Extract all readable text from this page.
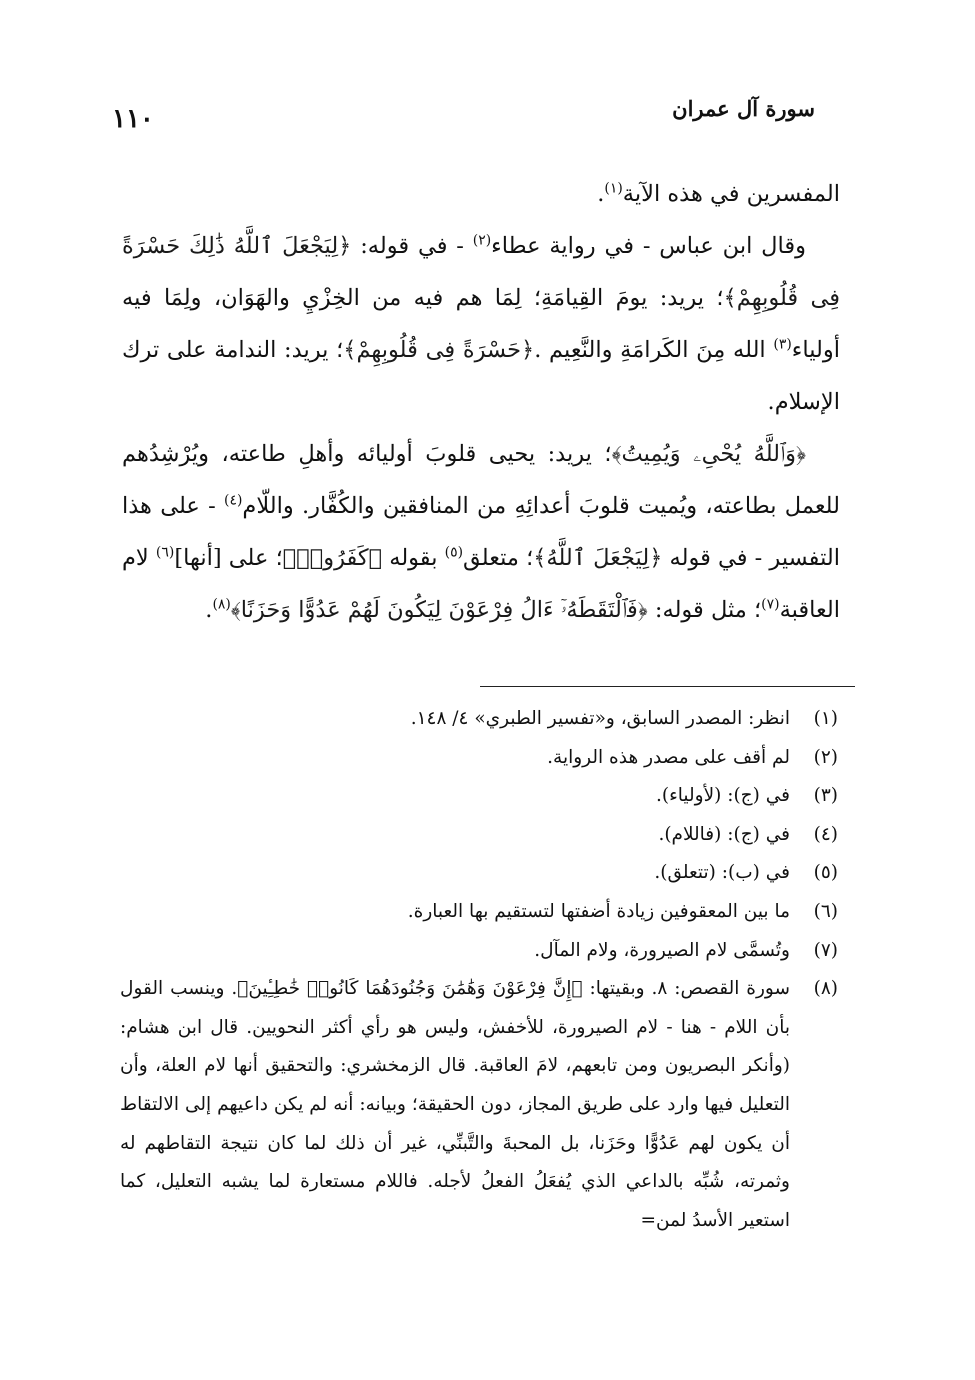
١١٠	سورة آل عمران

المفسرين في هذه الآية$^{(١)}$.

وقال ابن عباس - في رواية عطاء$^{(٢)}$ - في قوله: ﴿لِيَجْعَلَ ٱللَّهُ ذَٰلِكَ حَسْرَةً فِى قُلُوبِهِمْ﴾؛ يريد: يومَ القِيامَةِ؛ لِمَا هم فيه من الخِزْيِ والهَوَان، ولِمَا فيه أولياء$^{(٣)}$ الله مِنَ الكَرامَةِ والنَّعِيم .﴿حَسْرَةً فِى قُلُوبِهِمْ﴾؛ يريد: الندامة على ترك الإسلام.

﴿وَٱللَّهُ يُحْىِۦ وَيُمِيتُ﴾؛ يريد: يحيى قلوبَ أوليائه وأهلِ طاعته، ويُرْشِدُهم للعمل بطاعته، ويُميت قلوبَ أعدائِهِ من المنافقين والكُفَّار. واللّام$^{(٤)}$ - على هذا التفسير - في قوله ﴿لِيَجْعَلَ ٱللَّهُ﴾؛ متعلق$^{(٥)}$ بقوله ﴿كَفَرُوا۟﴾؛ على [أنها]$^{(٦)}$ لام العاقبة$^{(٧)}$؛ مثل قوله: ﴿فَٱلْتَقَطَهُۥٓ ءَالُ فِرْعَوْنَ لِيَكُونَ لَهُمْ عَدُوًّا وَحَزَنًا﴾$^{(٨)}$.

(١)
انظر: المصدر السابق، و«تفسير الطبري» ٤/ ١٤٨.
(٢)
لم أقف على مصدر هذه الرواية.
(٣)
في (ج): (لأولياء).
(٤)
في (ج): (فاللام).
(٥)
في (ب): (تتعلق).
(٦)
ما بين المعقوفين زيادة أضفتها لتستقيم بها العبارة.
(٧)
وتُسمَّى لام الصيرورة، ولام المآل.
(٨)
سورة القصص: ٨. وبقيتها: ﴿إِنَّ فِرْعَوْنَ وَهَٰمَٰنَ وَجُنُودَهُمَا كَانُوا۟ خَٰطِـِٔينَ﴾. وينسب القول بأن اللام - هنا - لام الصيرورة، للأخفش، وليس هو رأي أكثر النحويين. قال ابن هشام: (وأنكر البصريون ومن تابعهم، لامَ العاقبة. قال الزمخشري: والتحقيق أنها لام العلة، وأن التعليل فيها وارد على طريق المجاز، دون الحقيقة؛ وبيانه: أنه لم يكن داعيهم إلى الالتقاط أن يكون لهم عَدُوًّا وحَزَنا، بل المحبةَ والتَّبنِّي، غير أن ذلك لما كان نتيجة التقاطهم له وثمرته، شُبِّه بالداعي الذي يُفعَلُ الفعلُ لأجله. فاللام مستعارة لما يشبه التعليل، كما استعير الأسدُ لمن=
